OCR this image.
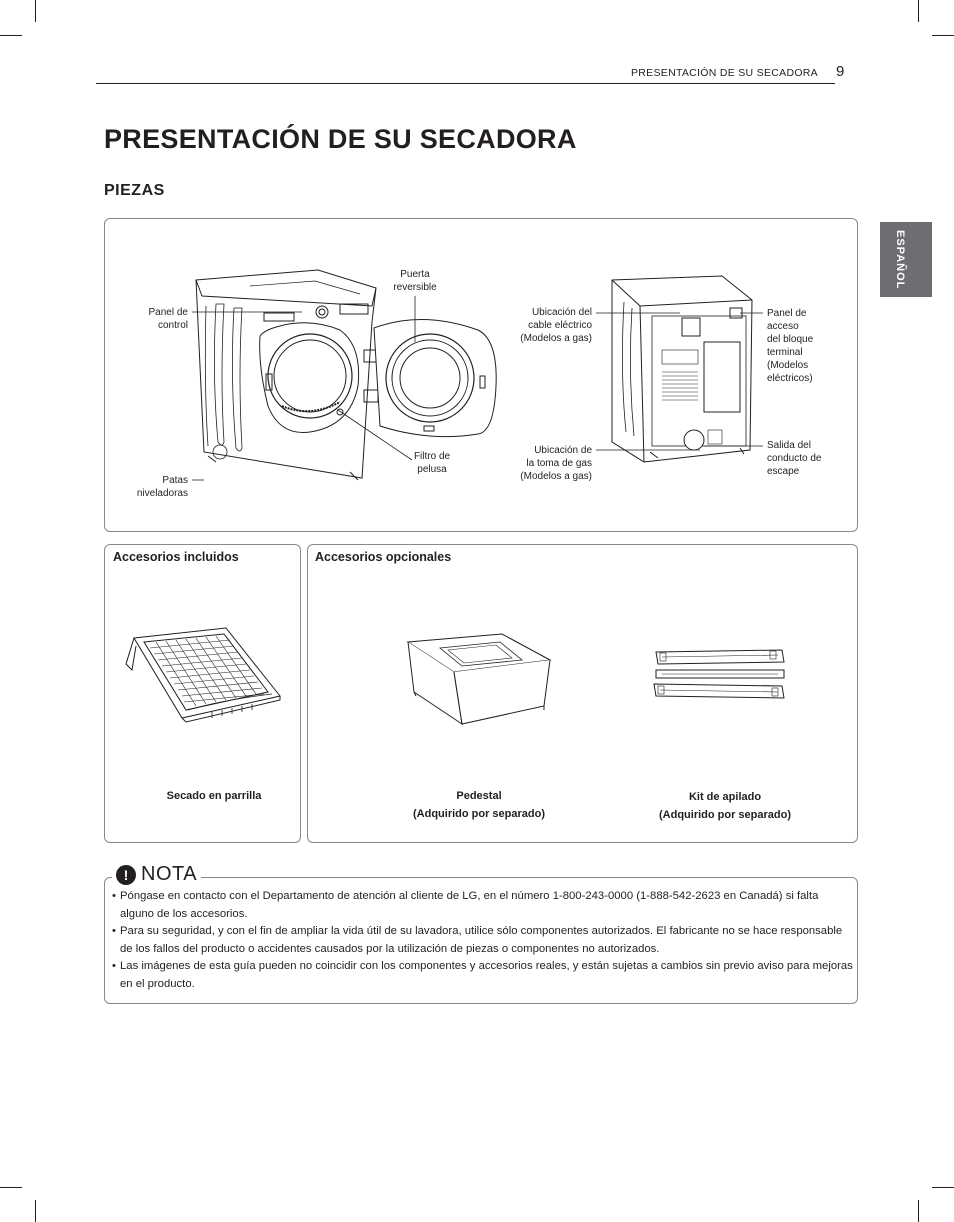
PRESENTACIÓN DE SU SECADORA 9
ESPAÑOL
PRESENTACIÓN DE SU SECADORA
PIEZAS
Panel de
control
Puerta
reversible
Filtro de
pelusa
Patas
niveladoras
Ubicación del
cable eléctrico
(Modelos a gas)
Ubicación de
la toma de gas
(Modelos a gas)
Panel de
acceso
del bloque
terminal
(Modelos
eléctricos)
Salida del
conducto de
escape
Accesorios incluidos
Secado en parrilla
Accesorios opcionales
Pedestal
(Adquirido por separado)
Kit de apilado
(Adquirido por separado)
! NOTA
• Póngase en contacto con el Departamento de atención al cliente de LG, en el número 1-800-243-0000 (1-888-542-2623 en Canadá) si falta alguno de los accesorios.
• Para su seguridad, y con el fin de ampliar la vida útil de su lavadora, utilice sólo componentes autorizados. El fabricante no se hace responsable de los fallos del producto o accidentes causados por la utilización de piezas o componentes no autorizados.
• Las imágenes de esta guía pueden no coincidir con los componentes y accesorios reales, y están sujetas a cambios sin previo aviso para mejoras en el producto.
